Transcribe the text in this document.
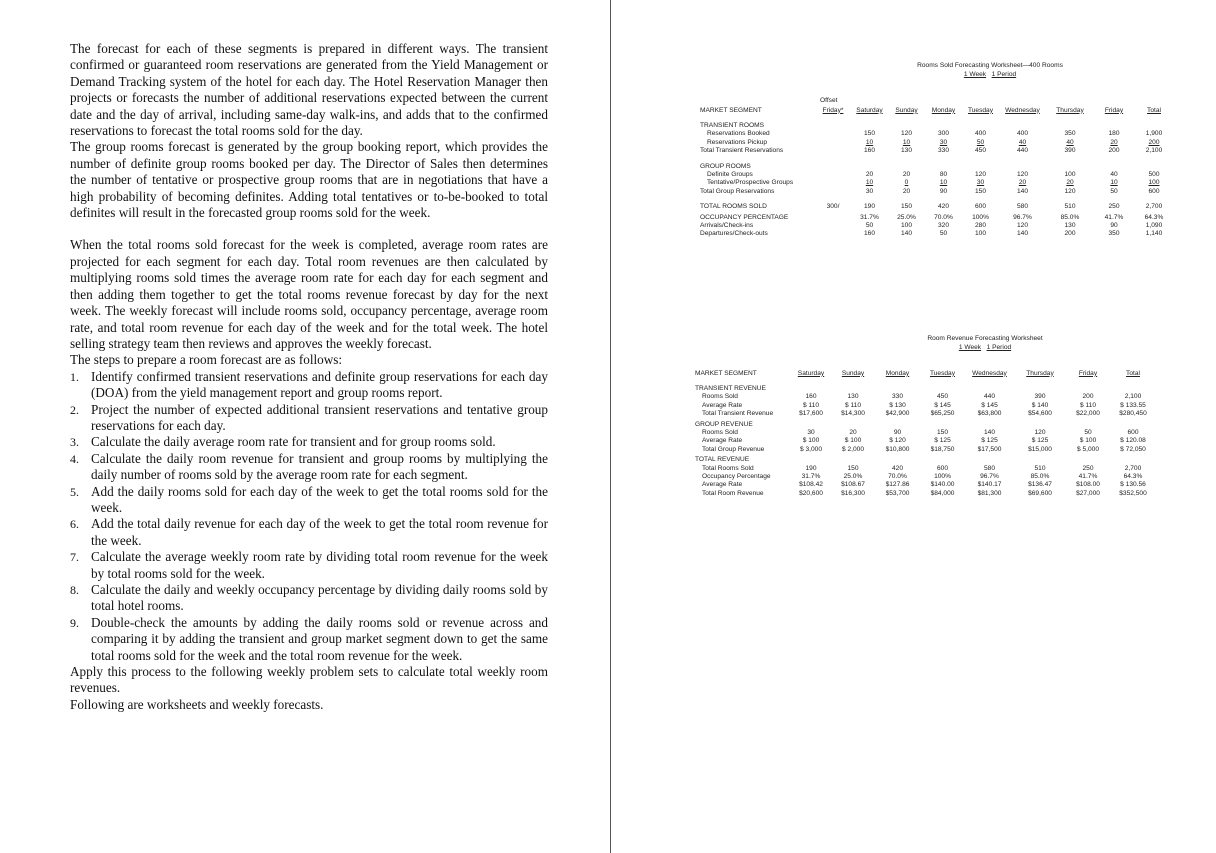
The forecast for each of these segments is prepared in different ways. The transient confirmed or guaranteed room reservations are generated from the Yield Management or Demand Tracking system of the hotel for each day. The Hotel Reservation Manager then projects or forecasts the number of additional reservations expected between the current date and the day of arrival, including same-day walk-ins, and adds that to the confirmed reservations to forecast the total rooms sold for the day.

The group rooms forecast is generated by the group booking report, which provides the number of definite group rooms booked per day. The Director of Sales then determines the number of tentative or prospective group rooms that are in negotiations that have a high probability of becoming definites. Adding total tentatives or to-be-booked to total definites will result in the forecasted group rooms sold for the week.

When the total rooms sold forecast for the week is completed, average room rates are projected for each segment for each day. Total room revenues are then calculated by multiplying rooms sold times the average room rate for each day for each segment and then adding them together to get the total rooms revenue forecast by day for the next week. The weekly forecast will include rooms sold, occupancy percentage, average room rate, and total room revenue for each day of the week and for the total week. The hotel selling strategy team then reviews and approves the weekly forecast.

The steps to prepare a room forecast are as follows:

1. Identify confirmed transient reservations and definite group reservations for each day (DOA) from the yield management report and group rooms report.
2. Project the number of expected additional transient reservations and tentative group reservations for each day.
3. Calculate the daily average room rate for transient and for group rooms sold.
4. Calculate the daily room revenue for transient and group rooms by multiplying the daily number of rooms sold by the average room rate for each segment.
5. Add the daily rooms sold for each day of the week to get the total rooms sold for the week.
6. Add the total daily revenue for each day of the week to get the total room revenue for the week.
7. Calculate the average weekly room rate by dividing total room revenue for the week by total rooms sold for the week.
8. Calculate the daily and weekly occupancy percentage by dividing daily rooms sold by total hotel rooms.
9. Double-check the amounts by adding the daily rooms sold or revenue across and comparing it by adding the transient and group market segment down to get the same total rooms sold for the week and the total room revenue for the week.

Apply this process to the following weekly problem sets to calculate total weekly room revenues.

Following are worksheets and weekly forecasts.

Rooms Sold Forecasting Worksheet—400 Rooms
1 Week 1 Period
Offset
MARKET SEGMENT	Friday*	Saturday	Sunday	Monday	Tuesday	Wednesday	Thursday	Friday	Total

TRANSIENT ROOMS									
Reservations Booked		150	120	300	400	400	350	180	1,900
Reservations Pickup		10	10	30	50	40	40	20	200
Total Transient Reservations		160	130	330	450	440	390	200	2,100

GROUP ROOMS									
Definite Groups		20	20	80	120	120	100	40	500
Tentative/Prospective Groups		10	0	10	30	20	20	10	100
Total Group Reservations		30	20	90	150	140	120	50	600

TOTAL ROOMS SOLD	300/	190	150	420	600	580	510	250	2,700
OCCUPANCY PERCENTAGE		31.7%	25.0%	70.0%	100%	96.7%	85.0%	41.7%	64.3%
Arrivals/Check-ins		50	100	320	280	120	130	90	1,090
Departures/Check-outs		160	140	50	100	140	200	350	1,140
Room Revenue Forecasting Worksheet
1 Week 1 Period
MARKET SEGMENT	Saturday	Sunday	Monday	Tuesday	Wednesday	Thursday	Friday	Total

TRANSIENT REVENUE								
Rooms Sold	160	130	330	450	440	390	200	2,100
Average Rate	$ 110	$ 110	$ 130	$ 145	$ 145	$ 140	$ 110	$ 133.55
Total Transient Revenue	$17,600	$14,300	$42,900	$65,250	$63,800	$54,600	$22,000	$280,450
GROUP REVENUE								
Rooms Sold	30	20	90	150	140	120	50	600
Average Rate	$ 100	$ 100	$ 120	$ 125	$ 125	$ 125	$ 100	$ 120.08
Total Group Revenue	$ 3,000	$ 2,000	$10,800	$18,750	$17,500	$15,000	$ 5,000	$ 72,050
TOTAL REVENUE								
Total Rooms Sold	190	150	420	600	580	510	250	2,700
Occupancy Percentage	31.7%	25.0%	70.0%	100%	96.7%	85.0%	41.7%	64.3%
Average Rate	$108.42	$108.67	$127.86	$140.00	$140.17	$136.47	$108.00	$ 130.56
Total Room Revenue	$20,600	$16,300	$53,700	$84,000	$81,300	$69,600	$27,000	$352,500
